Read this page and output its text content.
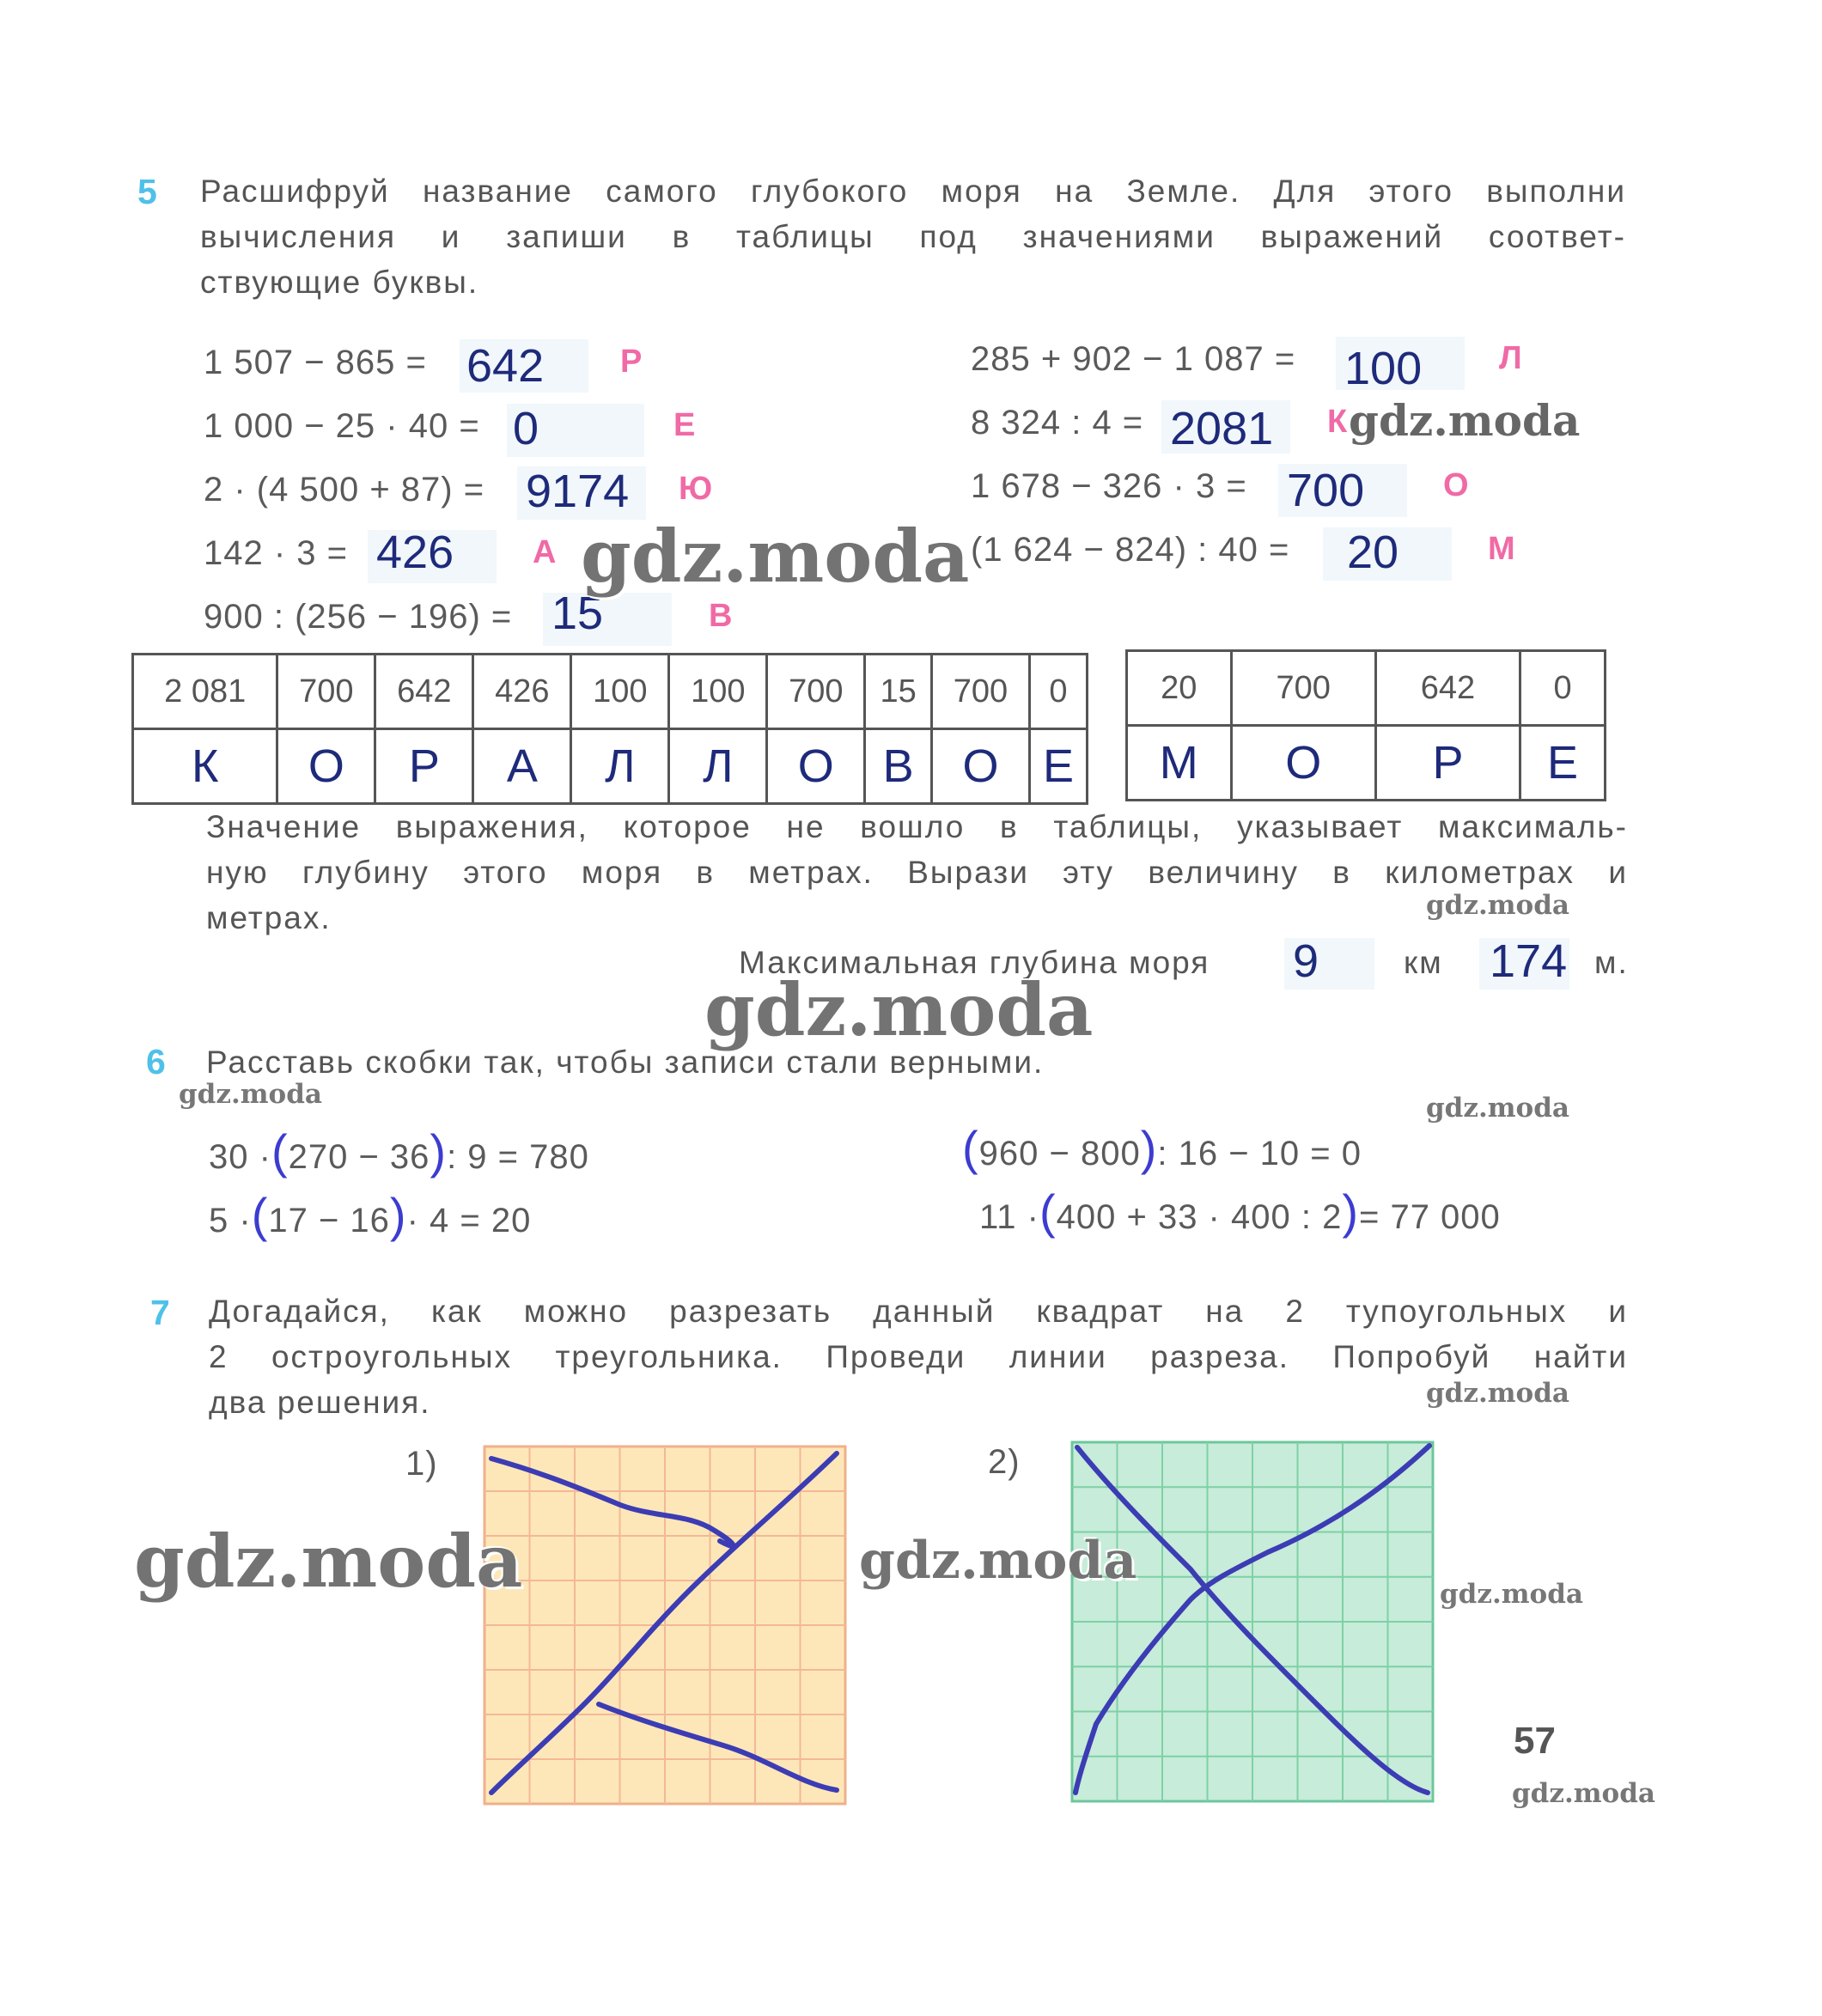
5 Расшифруй название самого глубокого моря на Земле. Для этого выполни
вычисления и запиши в таблицы под значениями выражений соответ-
ствующие буквы.
1 507 − 865 = 642 Р
1 000 − 25 · 40 = 0	Е
2 · (4 500 + 87) = 9174 Ю
142 · 3 = 426 А
900 : (256 − 196) = 15	В
285 + 902 − 1 087 = 100 Л
8 324 : 4 = 2081 К
1 678 − 326 · 3 = 700 О
(1 624 − 824) : 40 = 20	М
2 081	700	642	426	100	100	700	15	700	0
К	О	Р	А	Л	Л	О	В	О	Е
20	700	642	0
М	О	Р	Е
Значение выражения, которое не вошло в таблицы, указывает максималь-
ную глубину этого моря в метрах. Вырази эту величину в километрах и
метрах.
Максимальная глубина моря 9	км 174 м.
6 Расставь скобки так, чтобы записи стали верными.
30 ·(270 − 36): 9 = 780
5 ·(17 − 16)· 4 = 20
(960 − 800): 16 − 10 = 0
11 ·(400 + 33 · 400 : 2)= 77 000
7 Догадайся, как можно разрезать данный квадрат на 2 тупоугольных и
2 остроугольных треугольника. Проведи линии разреза. Попробуй найти
два решения.
1)	2)
57
gdz.moda
gdz.moda
gdz.moda
gdz.moda
gdz.moda	gdz.moda
gdz.moda
gdz.moda	gdz.moda
gdz.moda
gdz.moda
